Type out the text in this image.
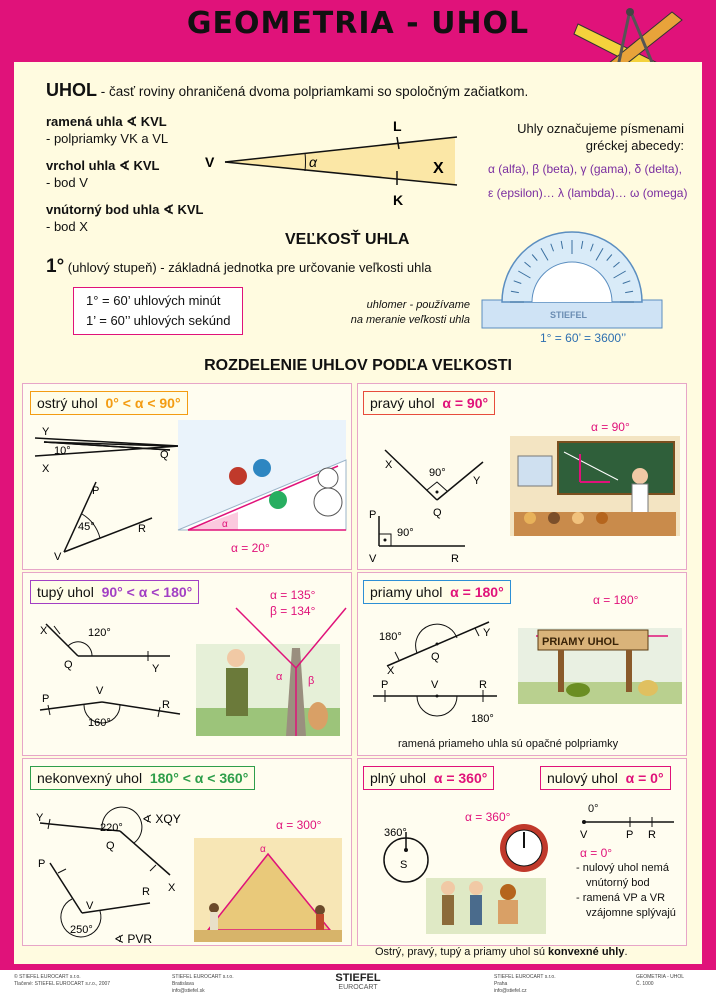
GEOMETRIA - UHOL
UHOL - časť roviny ohraničená dvoma polpriamkami so spoločným začiatkom.
ramená uhla ∢ KVL
- polpriamky VK a VL
vrchol uhla ∢ KVL
- bod V
vnútorný bod uhla ∢ KVL
- bod X
V
L
K
X
α
Uhly označujeme písmenami
gréckej abecedy:
α (alfa), β (beta), γ (gama), δ (delta),
ε (epsilon)… λ (lambda)… ω (omega)
VEĽKOSŤ UHLA
1° (uhlový stupeň) - základná jednotka pre určovanie veľkosti uhla
1° = 60’ uhlových minút
1’ = 60’’ uhlových sekúnd
uhlomer - používame
na meranie veľkosti uhla	STIEFEL
1° = 60’ = 3600’’
ROZDELENIE UHLOV PODĽA VEĽKOSTI
ostrý uhol 0° < α < 90°	pravý uhol α = 90°
tupý uhol 90° < α < 180°	priamy uhol α = 180°
nekonvexný uhol 180° < α < 360°	plný uhol α = 360°	nulový uhol α = 0°
10°
Y
X
Q
45°
P
V
R	α
α = 20°
90°
X
Y
Q
90°
P
V	R
α = 90°
120°
X
Q	Y
160°
P
V
R
α = 135°
β = 134°
α β
180°	Y
Q
X
180°
P	V	R
α = 180°
PRIAMY UHOL
ramená priameho uhla sú opačné polpriamky
220°
∢ XQY
Y
Q
X
250°
∢ PVR
P
V
R
α = 300°
α
360°
S
α = 360°
0°
V	P R
α = 0°
- nulový uhol nemá
vnútorný bod
- ramená VP a VR
vzájomne splývajú
Ostrý, pravý, tupý a priamy uhol sú konvexné uhly.
© STIEFEL EUROCART s.r.o.
Tlačené: STIEFEL EUROCART s.r.o., 2007
STIEFEL EUROCART s.r.o.
Bratislava
info@stiefel.sk
STIEFEL
EUROCART
STIEFEL EUROCART s.r.o.
Praha
info@stiefel.cz
GEOMETRIA - UHOL
Č. 1000
